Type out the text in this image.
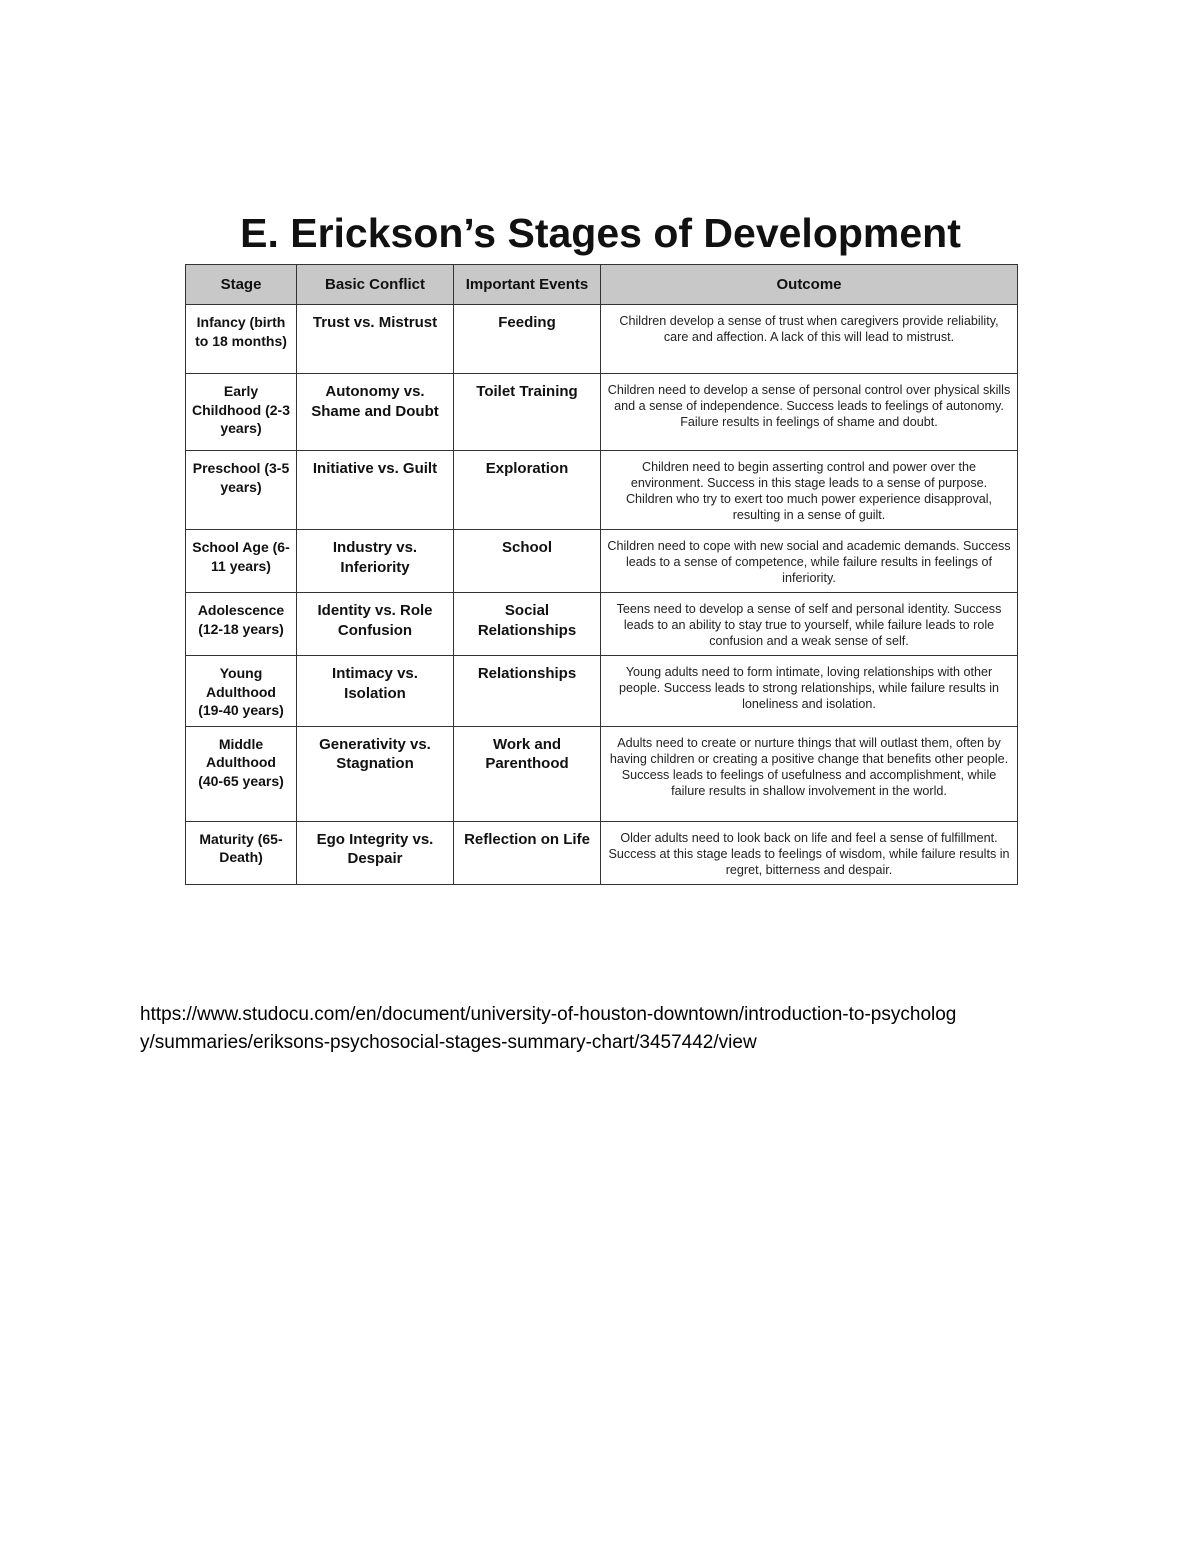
E. Erickson’s Stages of Development
Stage	Basic Conflict	Important Events	Outcome
Infancy (birth to 18 months)	Trust vs. Mistrust	Feeding	Children develop a sense of trust when caregivers provide reliability, care and affection. A lack of this will lead to mistrust.
Early Childhood (2-3 years)	Autonomy vs. Shame and Doubt	Toilet Training	Children need to develop a sense of personal control over physical skills and a sense of independence. Success leads to feelings of autonomy. Failure results in feelings of shame and doubt.
Preschool (3-5 years)	Initiative vs. Guilt	Exploration	Children need to begin asserting control and power over the environment. Success in this stage leads to a sense of purpose. Children who try to exert too much power experience disapproval, resulting in a sense of guilt.
School Age (6-11 years)	Industry vs. Inferiority	School	Children need to cope with new social and academic demands. Success leads to a sense of competence, while failure results in feelings of inferiority.
Adolescence (12-18 years)	Identity vs. Role Confusion	Social Relationships	Teens need to develop a sense of self and personal identity. Success leads to an ability to stay true to yourself, while failure leads to role confusion and a weak sense of self.
Young Adulthood (19-40 years)	Intimacy vs. Isolation	Relationships	Young adults need to form intimate, loving relationships with other people. Success leads to strong relationships, while failure results in loneliness and isolation.
Middle Adulthood (40-65 years)	Generativity vs. Stagnation	Work and Parenthood	Adults need to create or nurture things that will outlast them, often by having children or creating a positive change that benefits other people. Success leads to feelings of usefulness and accomplishment, while failure results in shallow involvement in the world.
Maturity (65-Death)	Ego Integrity vs. Despair	Reflection on Life	Older adults need to look back on life and feel a sense of fulfillment. Success at this stage leads to feelings of wisdom, while failure results in regret, bitterness and despair.

https://www.studocu.com/en/document/university-of-houston-downtown/introduction-to-psychology/summaries/eriksons-psychosocial-stages-summary-chart/3457442/view
